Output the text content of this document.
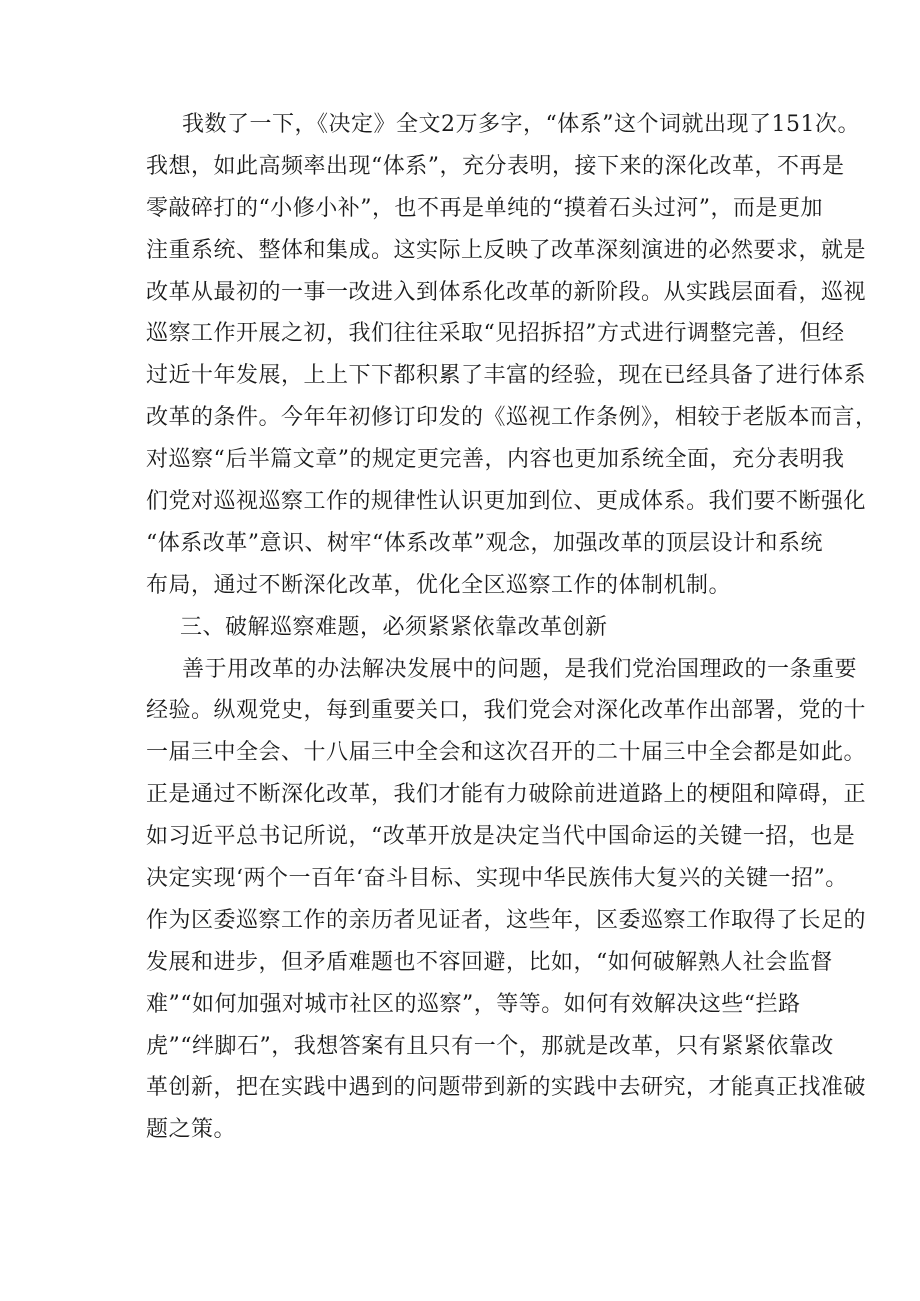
我数了一下，《决定》全文2万多字，“体系”这个词就出现了151次。
我想，如此高频率出现“体系”，充分表明，接下来的深化改革，不再是
零敲碎打的“小修小补”，也不再是单纯的“摸着石头过河”，而是更加
注重系统、整体和集成。这实际上反映了改革深刻演进的必然要求，就是
改革从最初的一事一改进入到体系化改革的新阶段。从实践层面看，巡视
巡察工作开展之初，我们往往采取“见招拆招”方式进行调整完善，但经
过近十年发展，上上下下都积累了丰富的经验，现在已经具备了进行体系
改革的条件。今年年初修订印发的《巡视工作条例》，相较于老版本而言，
对巡察“后半篇文章”的规定更完善，内容也更加系统全面，充分表明我
们党对巡视巡察工作的规律性认识更加到位、更成体系。我们要不断强化
“体系改革”意识、树牢“体系改革”观念，加强改革的顶层设计和系统
布局，通过不断深化改革，优化全区巡察工作的体制机制。
三、破解巡察难题，必须紧紧依靠改革创新
善于用改革的办法解决发展中的问题，是我们党治国理政的一条重要
经验。纵观党史，每到重要关口，我们党会对深化改革作出部署，党的十
一届三中全会、十八届三中全会和这次召开的二十届三中全会都是如此。
正是通过不断深化改革，我们才能有力破除前进道路上的梗阻和障碍，正
如习近平总书记所说，“改革开放是决定当代中国命运的关键一招，也是
决定实现‘两个一百年‘奋斗目标、实现中华民族伟大复兴的关键一招”。
作为区委巡察工作的亲历者见证者，这些年，区委巡察工作取得了长足的
发展和进步，但矛盾难题也不容回避，比如，“如何破解熟人社会监督
难”“如何加强对城市社区的巡察”，等等。如何有效解决这些“拦路
虎”“绊脚石”，我想答案有且只有一个，那就是改革，只有紧紧依靠改
革创新，把在实践中遇到的问题带到新的实践中去研究，才能真正找准破
题之策。
